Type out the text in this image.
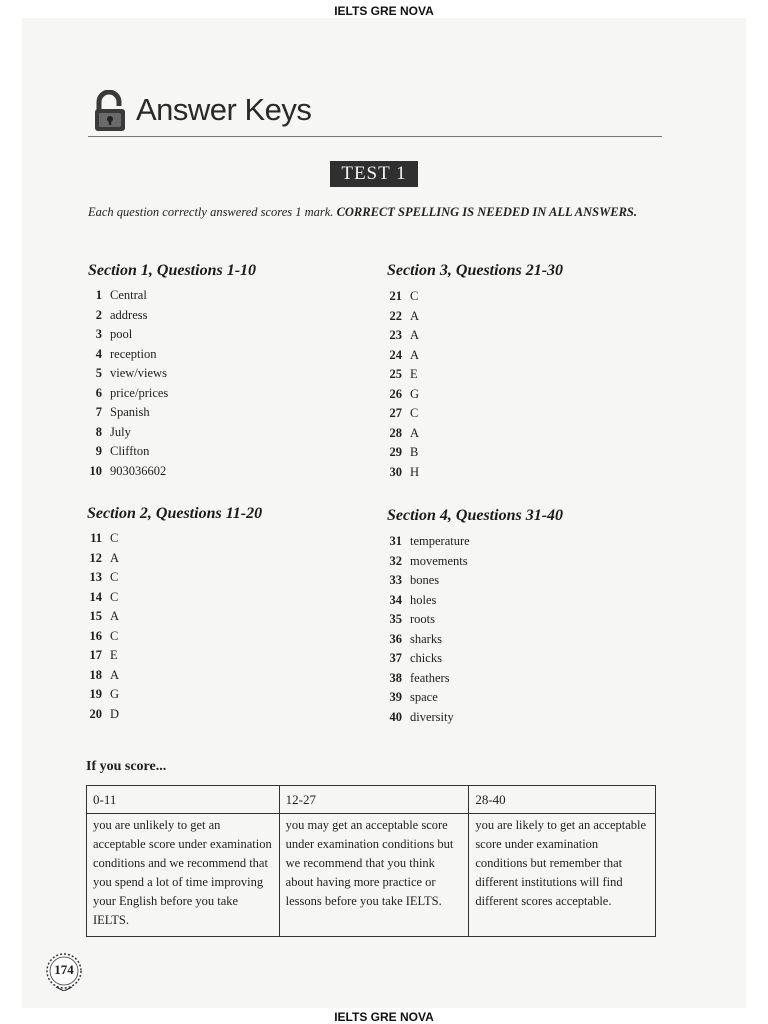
IELTS GRE NOVA
Answer Keys
TEST 1
Each question correctly answered scores 1 mark. CORRECT SPELLING IS NEEDED IN ALL ANSWERS.
Section 1, Questions 1-10
1 Central
2 address
3 pool
4 reception
5 view/views
6 price/prices
7 Spanish
8 July
9 Cliffton
10 903036602
Section 2, Questions 11-20
11 C
12 A
13 C
14 C
15 A
16 C
17 E
18 A
19 G
20 D
Section 3, Questions 21-30
21 C
22 A
23 A
24 A
25 E
26 G
27 C
28 A
29 B
30 H
Section 4, Questions 31-40
31 temperature
32 movements
33 bones
34 holes
35 roots
36 sharks
37 chicks
38 feathers
39 space
40 diversity
If you score...
0-11	12-27	28-40
you are unlikely to get an acceptable score under examination conditions and we recommend that you spend a lot of time improving your English before you take IELTS.	you may get an acceptable score under examination conditions but we recommend that you think about having more practice or lessons before you take IELTS.	you are likely to get an acceptable score under examination conditions but remember that different institutions will find different scores acceptable.
174
IELTS GRE NOVA
